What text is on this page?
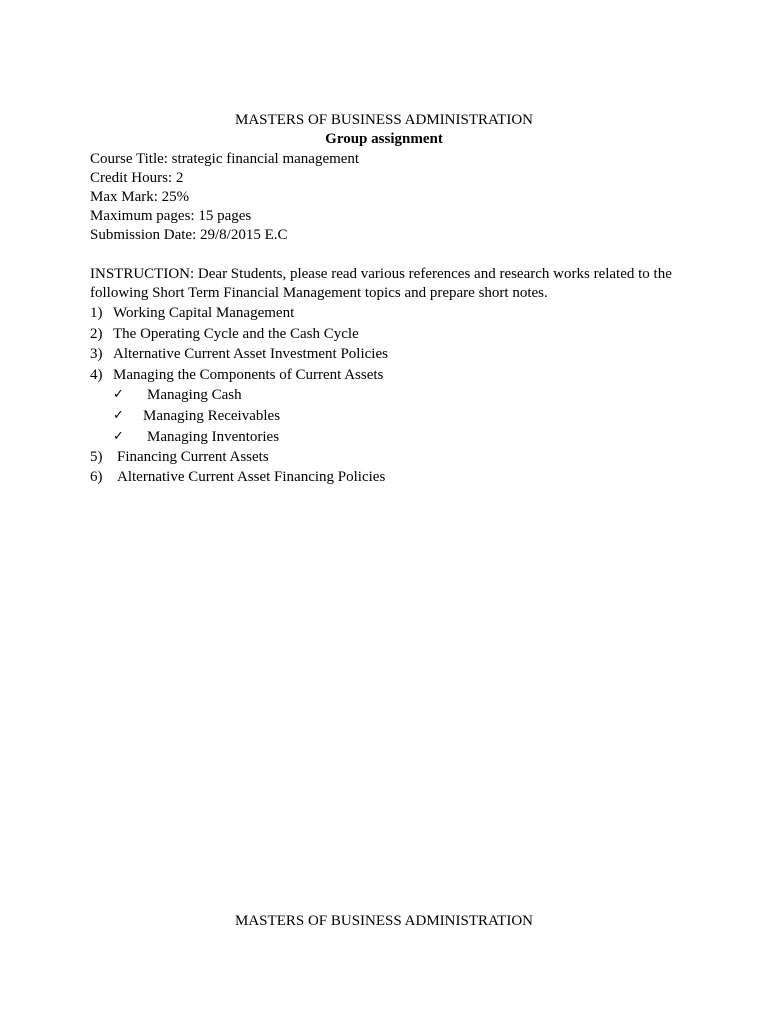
MASTERS OF BUSINESS ADMINISTRATION
Group assignment
Course Title: strategic financial management
Credit Hours: 2
Max Mark: 25%
Maximum pages: 15 pages
Submission Date: 29/8/2015 E.C
INSTRUCTION: Dear Students, please read various references and research works related to the
following Short Term Financial Management topics and prepare short notes.
1) Working Capital Management
2) The Operating Cycle and the Cash Cycle
3) Alternative Current Asset Investment Policies
4) Managing the Components of Current Assets
✓ Managing Cash
✓ Managing Receivables
✓ Managing Inventories
5) Financing Current Assets
6) Alternative Current Asset Financing Policies
MASTERS OF BUSINESS ADMINISTRATION
